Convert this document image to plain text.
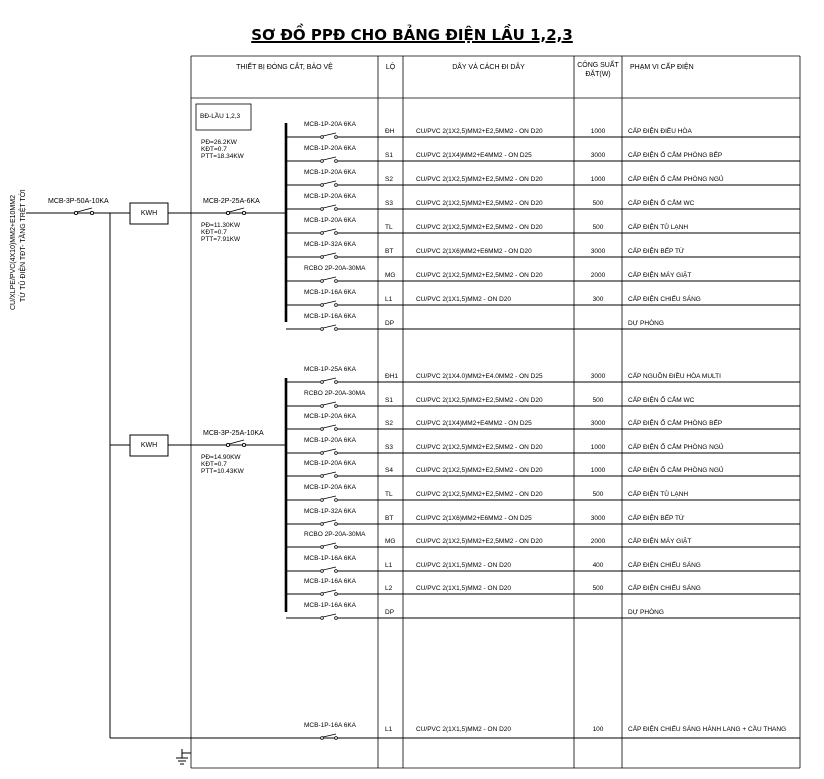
SƠ ĐỒ PPĐ CHO BẢNG ĐIỆN LẦU 1,2,3
THIẾT BỊ ĐÓNG CẮT, BẢO VỆ	LỘ	DÂY VÀ CÁCH ĐI DÂY	CÔNG SUẤT
ĐẶT(W)
PHẠM VI CẤP ĐIỆN
CU/XLPE/PVC(4X10)MM2+E10MM2 TỪ TỦ ĐIỆN TĐT- TẦNG TRỆT TỚI	MCB-3P-50A-10KA
BĐ-LẦU 1,2,3
PĐ=26.2KW
KĐT=0.7
PTT=18.34KW
KWH
MCB-2P-25A-6KA
PĐ=11.30KW
KĐT=0.7
PTT=7.91KW
KWH
MCB-3P-25A-10KA
PĐ=14.90KW
KĐT=0.7
PTT=10.43KW
MCB-1P-20A 6KA
ĐH	CU/PVC 2(1X2,5)MM2+E2,5MM2 - ON D20	1000	CẤP ĐIỆN ĐIỀU HÒA
MCB-1P-20A 6KA
S1	CU/PVC 2(1X4)MM2+E4MM2 - ON D25	3000	CẤP ĐIỆN Ổ CẮM PHÒNG BẾP
MCB-1P-20A 6KA
S2	CU/PVC 2(1X2,5)MM2+E2,5MM2 - ON D20	1000	CẤP ĐIỆN Ổ CẮM PHÒNG NGỦ
MCB-1P-20A 6KA
S3	CU/PVC 2(1X2,5)MM2+E2,5MM2 - ON D20	500	CẤP ĐIỆN Ổ CẮM WC
MCB-1P-20A 6KA
TL	CU/PVC 2(1X2,5)MM2+E2,5MM2 - ON D20	500	CẤP ĐIỆN TỦ LẠNH
MCB-1P-32A 6KA
BT	CU/PVC 2(1X6)MM2+E6MM2 - ON D20	3000	CẤP ĐIỆN BẾP TỪ
RCBO 2P-20A-30MA
MG	CU/PVC 2(1X2,5)MM2+E2,5MM2 - ON D20	2000	CẤP ĐIỆN MÁY GIẶT
MCB-1P-16A 6KA
L1	CU/PVC 2(1X1,5)MM2 - ON D20	300	CẤP ĐIỆN CHIẾU SÁNG
MCB-1P-16A 6KA
DP	DỰ PHÒNG
MCB-1P-25A 6KA
ĐH1	CU/PVC 2(1X4.0)MM2+E4.0MM2 - ON D25	3000	CẤP NGUỒN ĐIỀU HÒA MULTI
RCBO 2P-20A-30MA
S1	CU/PVC 2(1X2,5)MM2+E2,5MM2 - ON D20	500	CẤP ĐIỆN Ổ CẮM WC
MCB-1P-20A 6KA
S2	CU/PVC 2(1X4)MM2+E4MM2 - ON D25	3000	CẤP ĐIỆN Ổ CẮM PHÒNG BẾP
MCB-1P-20A 6KA
S3	CU/PVC 2(1X2,5)MM2+E2,5MM2 - ON D20	1000	CẤP ĐIỆN Ổ CẮM PHÒNG NGỦ
MCB-1P-20A 6KA
S4	CU/PVC 2(1X2,5)MM2+E2,5MM2 - ON D20	1000	CẤP ĐIỆN Ổ CẮM PHÒNG NGỦ
MCB-1P-20A 6KA
TL	CU/PVC 2(1X2,5)MM2+E2,5MM2 - ON D20	500	CẤP ĐIỆN TỦ LẠNH
MCB-1P-32A 6KA
BT	CU/PVC 2(1X6)MM2+E6MM2 - ON D25	3000	CẤP ĐIỆN BẾP TỪ
RCBO 2P-20A-30MA
MG	CU/PVC 2(1X2,5)MM2+E2,5MM2 - ON D20	2000	CẤP ĐIỆN MÁY GIẶT
MCB-1P-16A 6KA
L1	CU/PVC 2(1X1,5)MM2 - ON D20	400	CẤP ĐIỆN CHIẾU SÁNG
MCB-1P-16A 6KA
L2	CU/PVC 2(1X1,5)MM2 - ON D20	500	CẤP ĐIỆN CHIẾU SÁNG
MCB-1P-16A 6KA
DP	DỰ PHÒNG
MCB-1P-16A 6KA
L1	CU/PVC 2(1X1,5)MM2 - ON D20	100	CẤP ĐIỆN CHIẾU SÁNG HÀNH LANG + CẦU THANG
